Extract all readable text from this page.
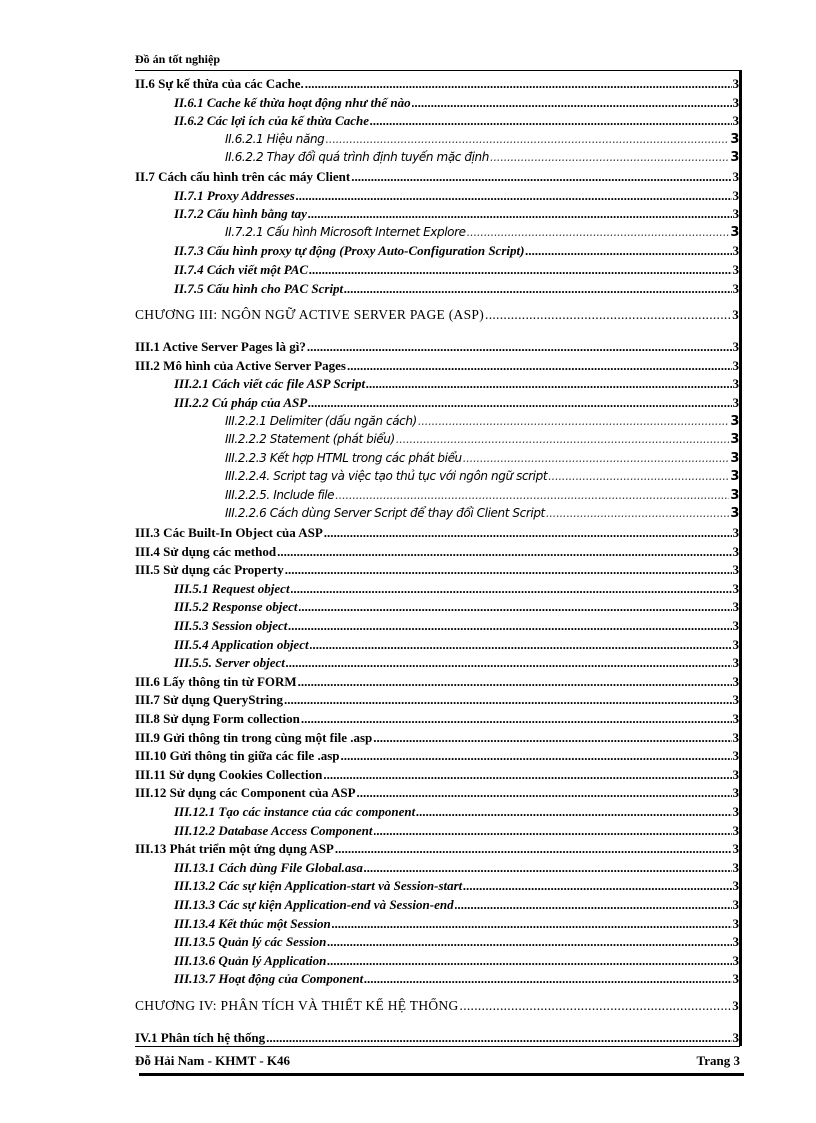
Đồ án tốt nghiệp
II.6 Sự kế thừa của các Cache. .....	3
II.6.1 Cache kế thừa hoạt động như thế nào .....	3
II.6.2 Các lợi ích của kế thừa Cache .....	3
II.6.2.1 Hiệu năng .....	3
II.6.2.2 Thay đổi quá trình định tuyến mặc định .....	3
II.7 Cách cấu hình trên các máy Client .....	3
II.7.1 Proxy Addresses .....	3
II.7.2 Cấu hình bằng tay .....	3
II.7.2.1 Cấu hình Microsoft Internet Explore .....	3
II.7.3 Cấu hình proxy tự động (Proxy Auto-Configuration Script) .....	3
II.7.4 Cách viết một PAC .....	3
II.7.5 Cấu hình cho PAC Script .....	3
CHƯƠNG III: NGÔN NGỮ ACTIVE SERVER PAGE (ASP) .....	3
III.1 Active Server Pages là gì? .....	3
III.2 Mô hình của Active Server Pages .....	3
III.2.1 Cách viết các file ASP Script .....	3
III.2.2 Cú pháp của ASP .....	3
III.2.2.1 Delimiter (dấu ngăn cách) .....	3
III.2.2.2 Statement (phát biểu) .....	3
III.2.2.3 Kết hợp HTML trong các phát biểu .....	3
III.2.2.4. Script tag và việc tạo thủ tục với ngôn ngữ script .....	3
III.2.2.5. Include file .....	3
III.2.2.6 Cách dùng Server Script để thay đổi Client Script .....	3
III.3 Các Built-In Object của ASP .....	3
III.4 Sử dụng các method .....	3
III.5 Sử dụng các Property .....	3
III.5.1 Request object .....	3
III.5.2 Response object .....	3
III.5.3 Session object .....	3
III.5.4 Application object .....	3
III.5.5. Server object .....	3
III.6 Lấy thông tin từ FORM .....	3
III.7 Sử dụng QueryString .....	3
III.8 Sử dụng Form collection .....	3
III.9 Gửi thông tin trong cùng một file .asp .....	3
III.10 Gửi thông tin giữa các file .asp .....	3
III.11 Sử dụng Cookies Collection .....	3
III.12 Sử dụng các Component của ASP .....	3
III.12.1 Tạo các instance của các component .....	3
III.12.2 Database Access Component .....	3
III.13 Phát triển một ứng dụng ASP .....	3
III.13.1 Cách dùng File Global.asa .....	3
III.13.2 Các sự kiện Application-start và Session-start .....	3
III.13.3 Các sự kiện Application-end và Session-end .....	3
III.13.4 Kết thúc một Session .....	3
III.13.5 Quản lý các Session .....	3
III.13.6 Quản lý Application .....	3
III.13.7 Hoạt động của Component .....	3
CHƯƠNG IV: PHÂN TÍCH VÀ THIẾT KẾ HỆ THỐNG .....	3
IV.1 Phân tích hệ thống .....	3
Đỗ Hải Nam - KHMT - K46	Trang 3
